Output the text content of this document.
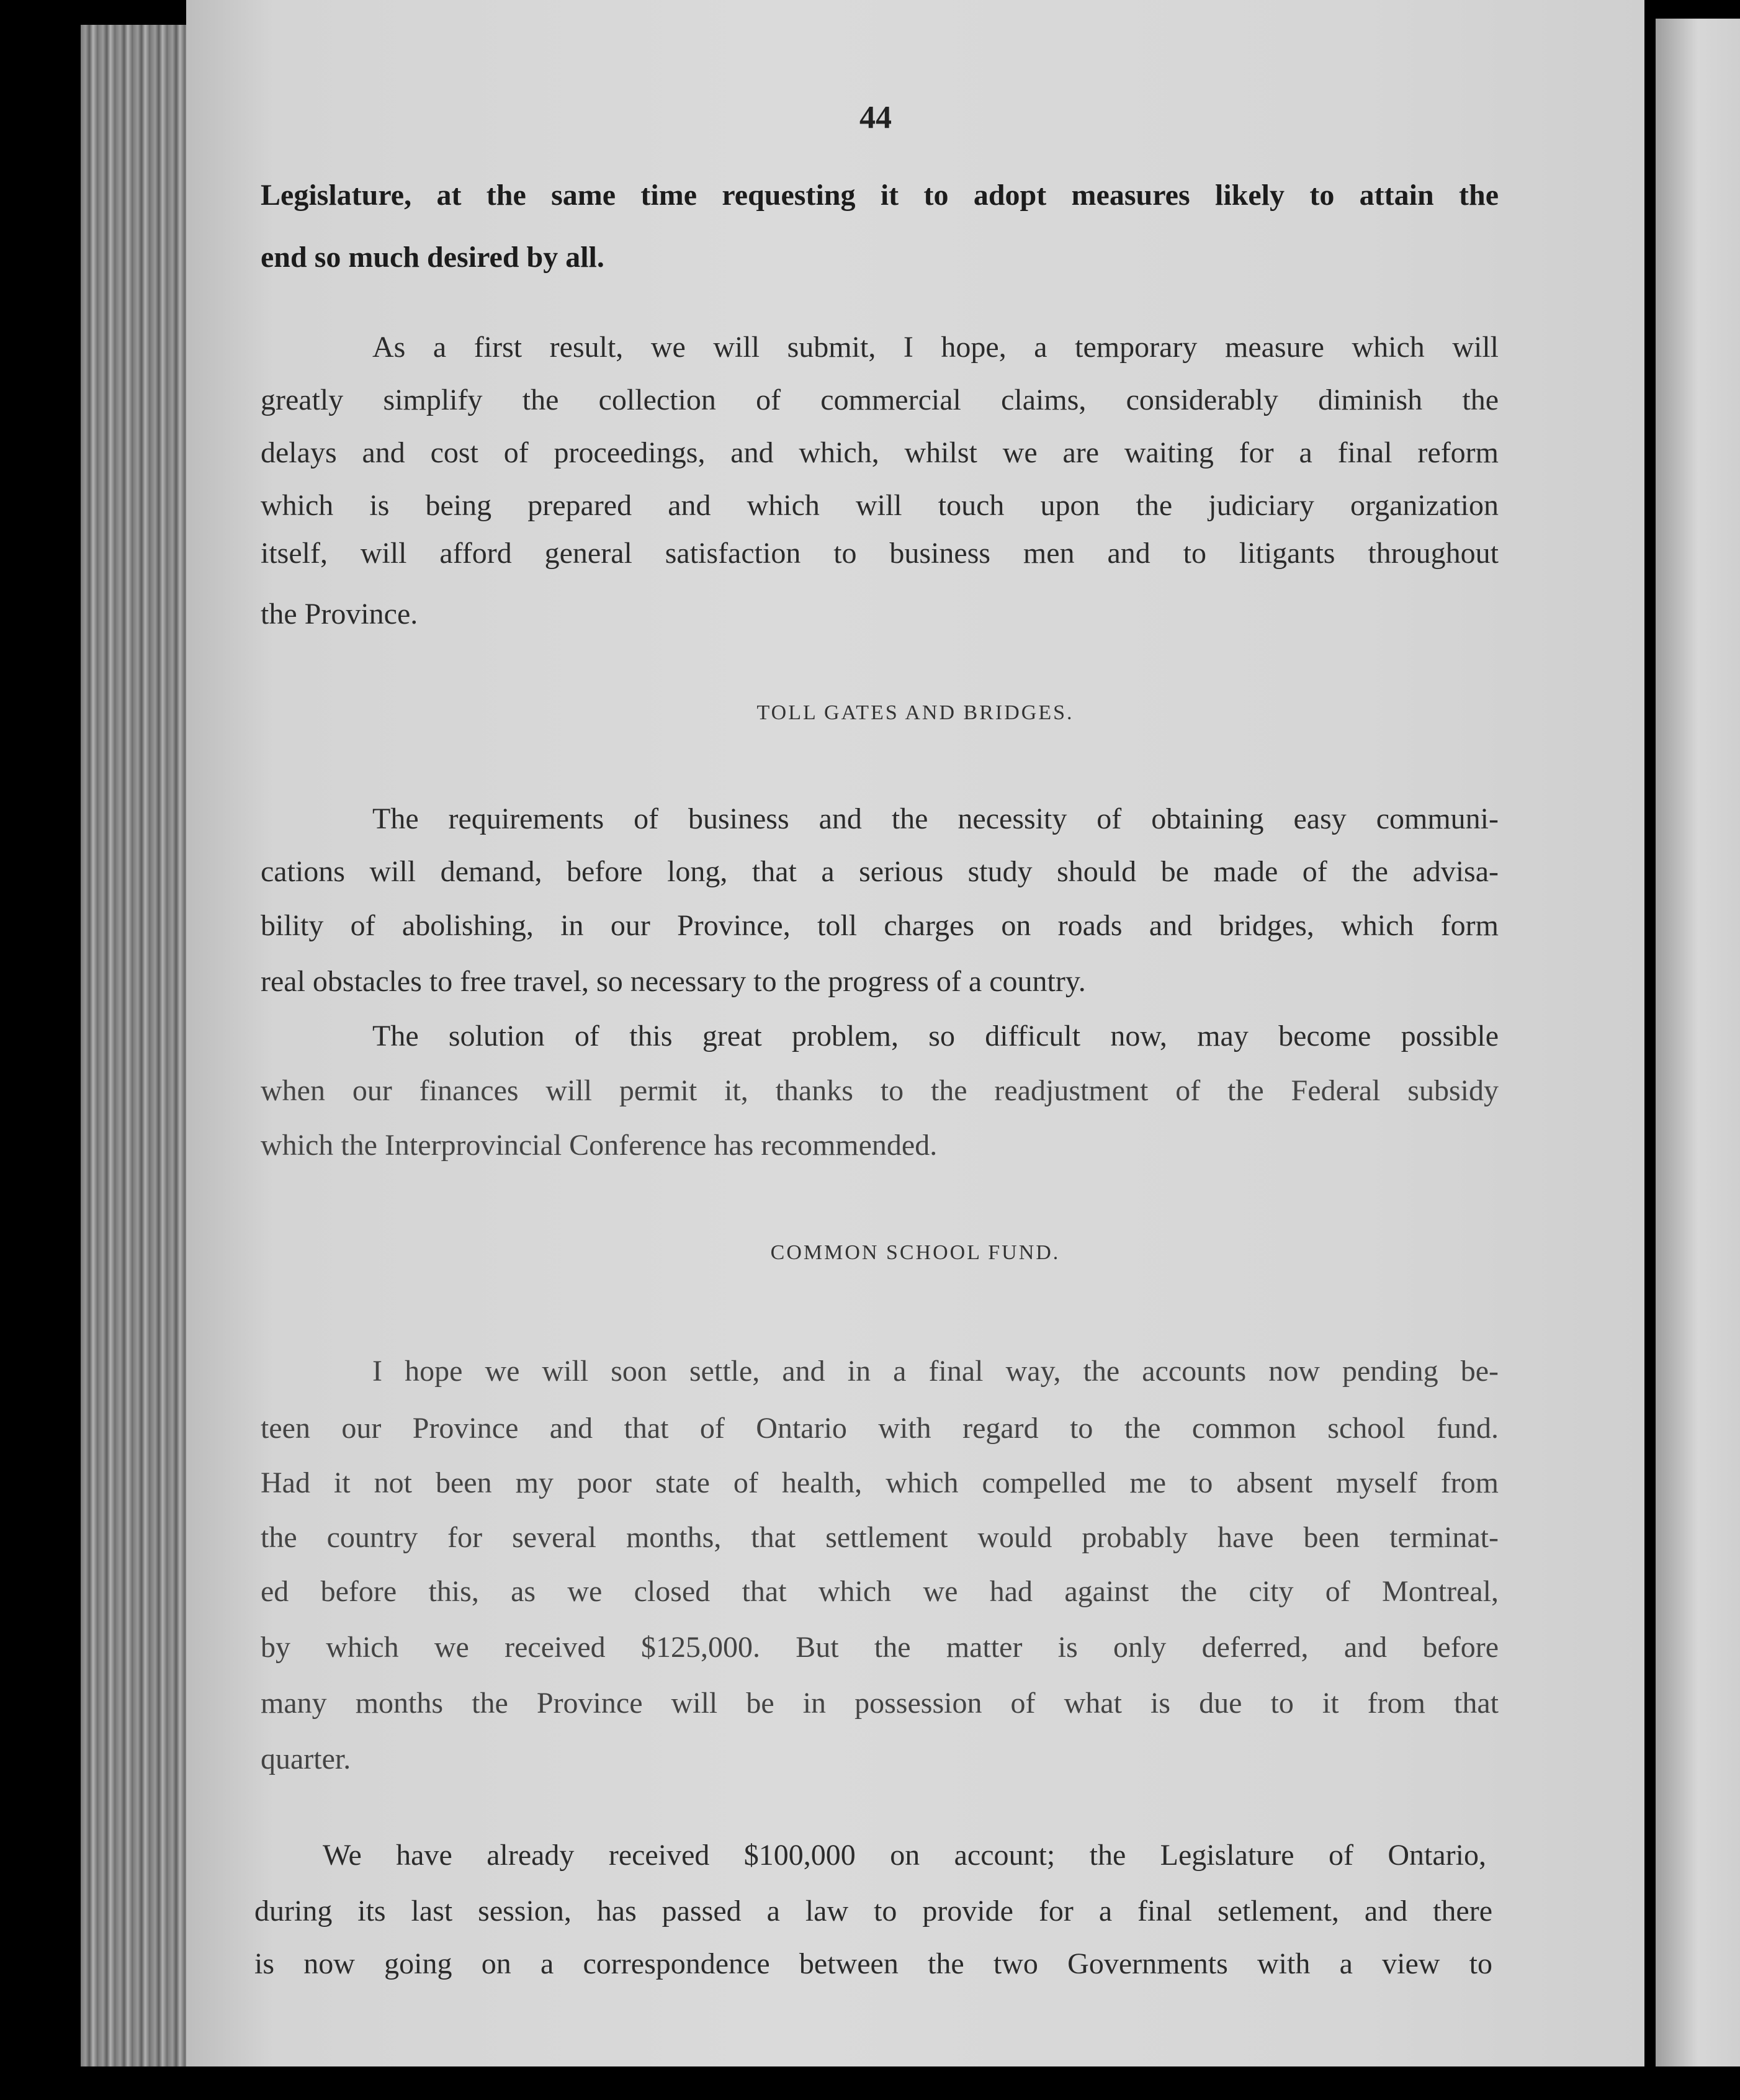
44
Legislature, at the same time requesting it to adopt measures likely to attain the
end so much desired by all.
As a first result, we will submit, I hope, a temporary measure which will
greatly simplify the collection of commercial claims, considerably diminish the
delays and cost of proceedings, and which, whilst we are waiting for a final reform
which is being prepared and which will touch upon the judiciary organization
itself, will afford general satisfaction to business men and to litigants throughout
the Province.
TOLL GATES AND BRIDGES.
The requirements of business and the necessity of obtaining easy communi-
cations will demand, before long, that a serious study should be made of the advisa-
bility of abolishing, in our Province, toll charges on roads and bridges, which form
real obstacles to free travel, so necessary to the progress of a country.
The solution of this great problem, so difficult now, may become possible
when our finances will permit it, thanks to the readjustment of the Federal subsidy
which the Interprovincial Conference has recommended.
COMMON SCHOOL FUND.
I hope we will soon settle, and in a final way, the accounts now pending be-
teen our Province and that of Ontario with regard to the common school fund.
Had it not been my poor state of health, which compelled me to absent myself from
the country for several months, that settlement would probably have been terminat-
ed before this, as we closed that which we had against the city of Montreal,
by which we received $125,000. But the matter is only deferred, and before
many months the Province will be in possession of what is due to it from that
quarter.
We have already received $100,000 on account; the Legislature of Ontario,
during its last session, has passed a law to provide for a final setlement, and there
is now going on a correspondence between the two Governments with a view to
